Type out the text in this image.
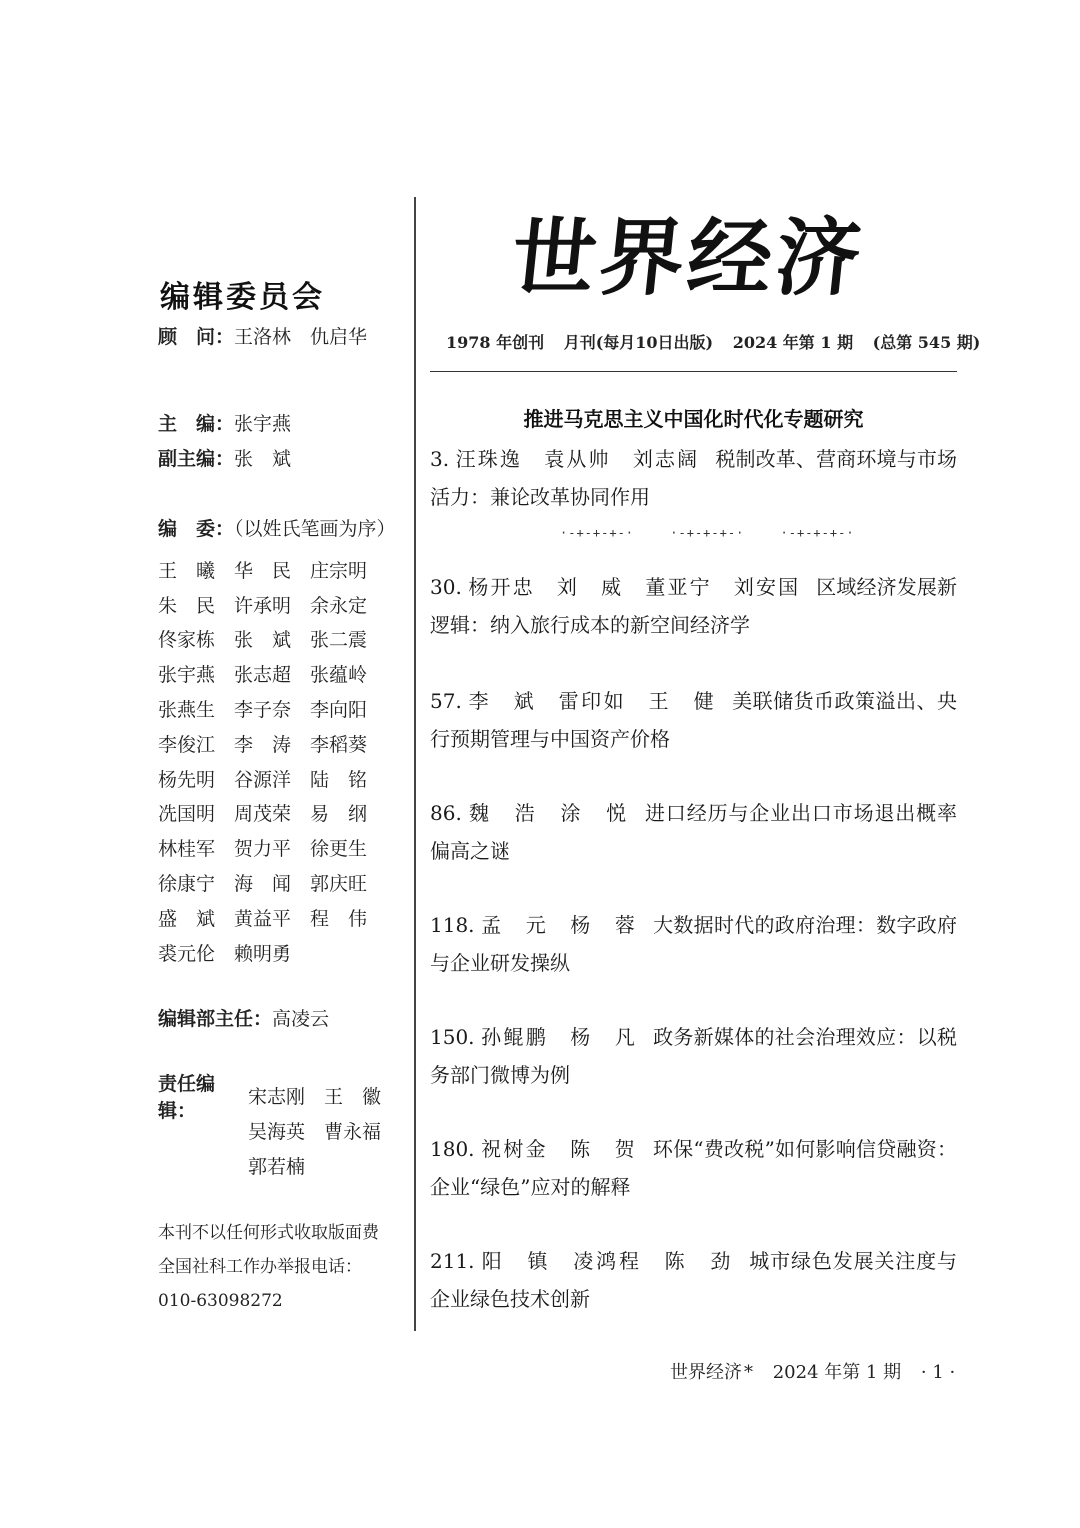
编辑委员会
顾　问：王洛林　仇启华
主　编：张宇燕
副主编：张　斌
编　委：（以姓氏笔画为序）
王　曦 华　民 庄宗明
朱　民 许承明 余永定
佟家栋 张　斌 张二震
张宇燕 张志超 张蕴岭
张燕生 李子奈 李向阳
李俊江 李　涛 李稻葵
杨先明 谷源洋 陆　铭
冼国明 周茂荣 易　纲
林桂军 贺力平 徐更生
徐康宁 海　闻 郭庆旺
盛　斌 黄益平 程　伟
裘元伦 赖明勇
编辑部主任：高凌云
责任编辑：
宋志刚 王　徽
吴海英 曹永福
郭若楠
本刊不以任何形式收取版面费
全国社科工作办举报电话：
010-63098272
世界经济
1978 年创刊 月刊(每月10日出版) 2024 年第 1 期 (总第 545 期)
推进马克思主义中国化时代化专题研究
·-+-+-+-·	·-+-+-+-·	·-+-+-+-·
3. 汪珠逸　袁从帅　刘志阔 税制改革、营商环境与市场活力：兼论改革协同作用
30. 杨开忠　刘　威　董亚宁　刘安国 区域经济发展新逻辑：纳入旅行成本的新空间经济学
57. 李　斌　雷印如　王　健 美联储货币政策溢出、央行预期管理与中国资产价格
86. 魏　浩　涂　悦 进口经历与企业出口市场退出概率偏高之谜
118. 孟　元　杨　蓉 大数据时代的政府治理：数字政府与企业研发操纵
150. 孙鲲鹏　杨　凡 政务新媒体的社会治理效应：以税务部门微博为例
180. 祝树金　陈　贺 环保“费改税”如何影响信贷融资：企业“绿色”应对的解释
211. 阳　镇　凌鸿程　陈　劲 城市绿色发展关注度与企业绿色技术创新
世界经济 * 2024 年第 1 期 · 1 ·
